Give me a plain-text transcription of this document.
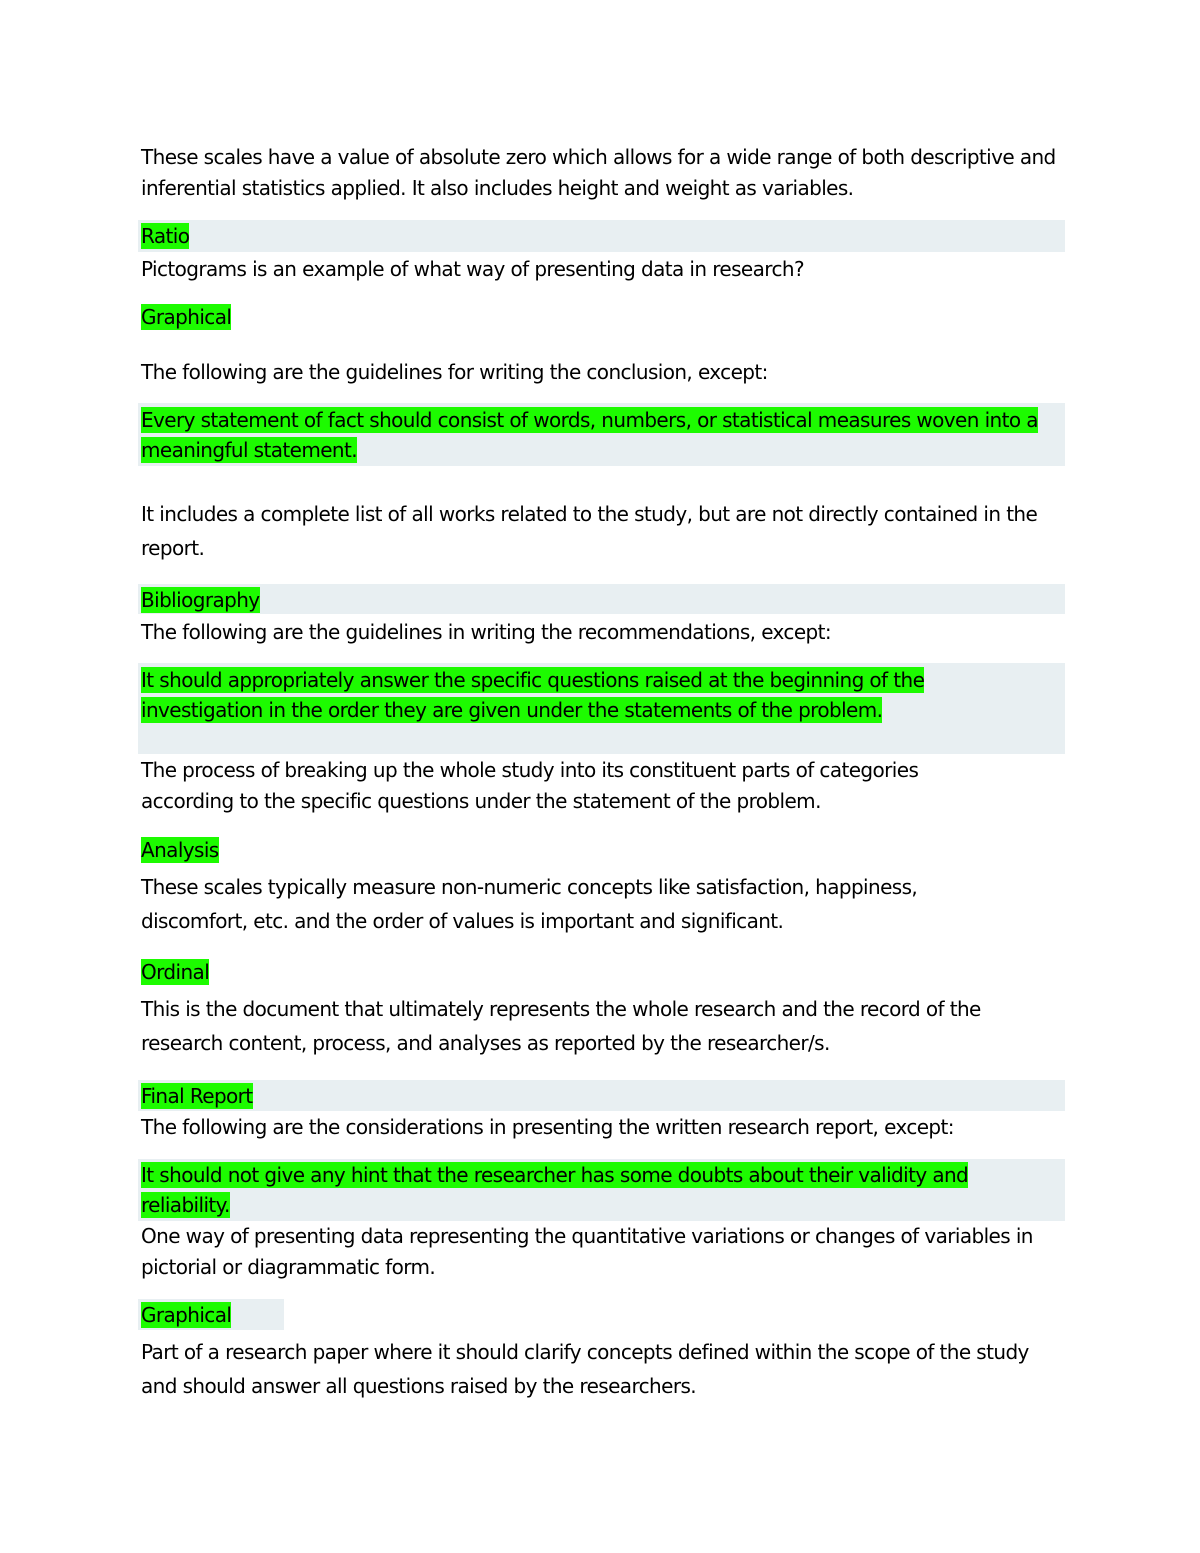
These scales have a value of absolute zero which allows for a wide range of both descriptive and inferential statistics applied. It also includes height and weight as variables.

Ratio

Pictograms is an example of what way of presenting data in research?

Graphical

The following are the guidelines for writing the conclusion, except:

Every statement of fact should consist of words, numbers, or statistical measures woven into a meaningful statement.

It includes a complete list of all works related to the study, but are not directly contained in the report.

Bibliography

The following are the guidelines in writing the recommendations, except:

It should appropriately answer the specific questions raised at the beginning of the investigation in the order they are given under the statements of the problem.

The process of breaking up the whole study into its constituent parts of categories according to the specific questions under the statement of the problem.

Analysis

These scales typically measure non-numeric concepts like satisfaction, happiness, discomfort, etc. and the order of values is important and significant.

Ordinal

This is the document that ultimately represents the whole research and the record of the research content, process, and analyses as reported by the researcher/s.

Final Report

The following are the considerations in presenting the written research report, except:

It should not give any hint that the researcher has some doubts about their validity and reliability.

One way of presenting data representing the quantitative variations or changes of variables in pictorial or diagrammatic form.

Graphical

Part of a research paper where it should clarify concepts defined within the scope of the study and should answer all questions raised by the researchers.
